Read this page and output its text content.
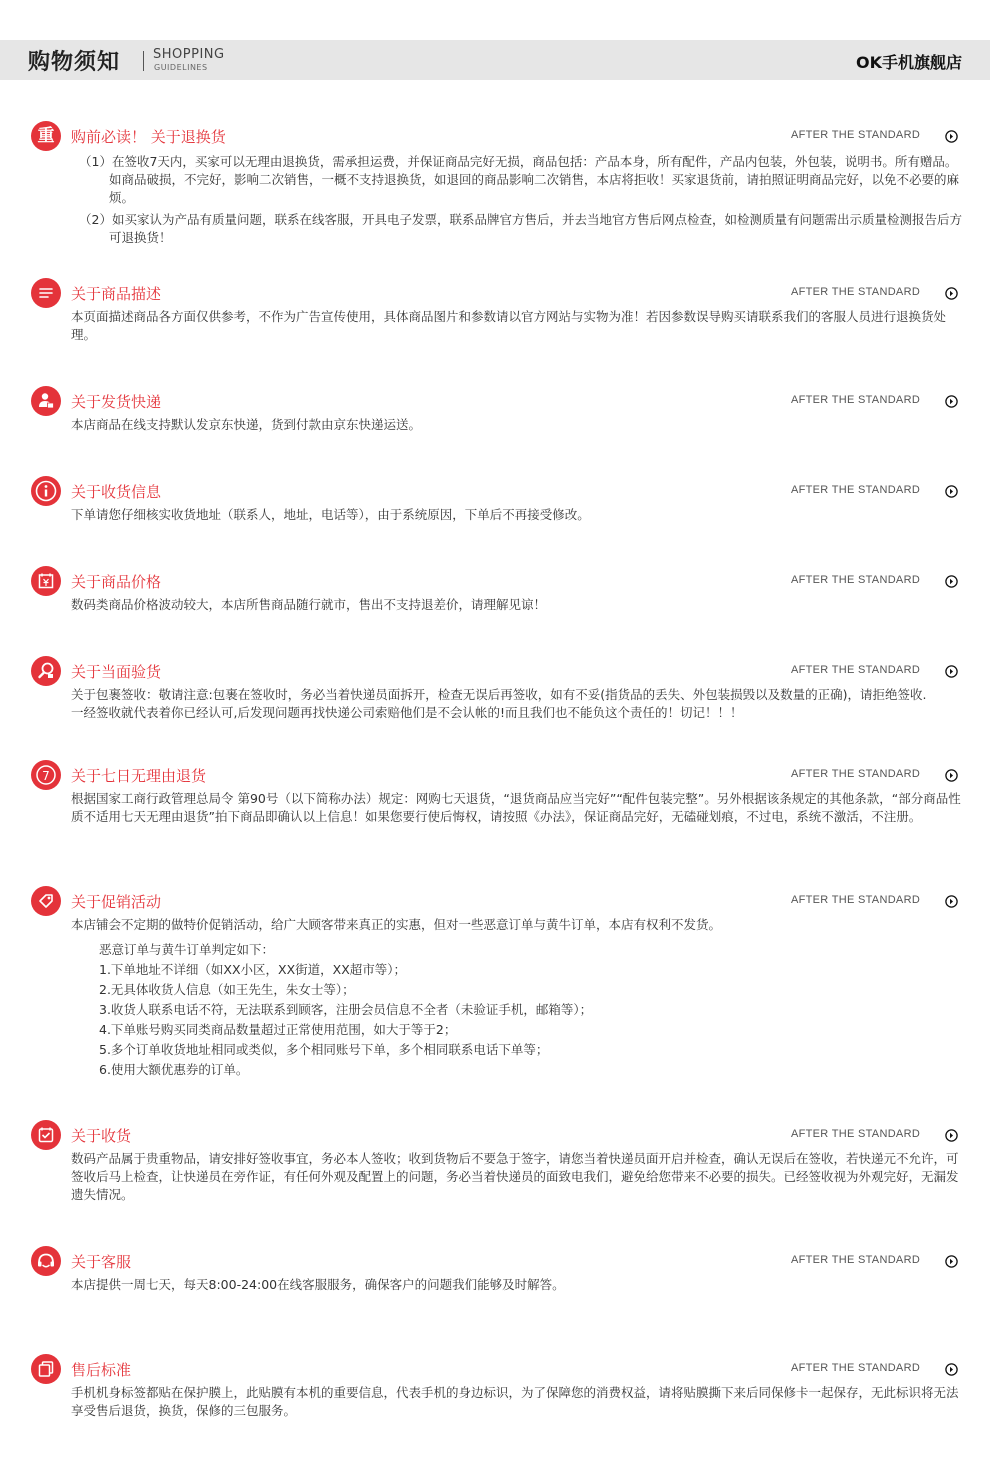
购物须知	SHOPPING
GUIDELINES	OK手机旗舰店
重	购前必读！ 关于退换货	AFTER THE STANDARD
（1）在签收7天内，买家可以无理由退换货，需承担运费，并保证商品完好无损，商品包括：产品本身，所有配件，产品内包装，外包装，说明书。所有赠品。如商品破损，不完好，影响二次销售，一概不支持退换货，如退回的商品影响二次销售，本店将拒收！买家退货前，请拍照证明商品完好，以免不必要的麻烦。
（2）如买家认为产品有质量问题，联系在线客服，开具电子发票，联系品牌官方售后，并去当地官方售后网点检查，如检测质量有问题需出示质量检测报告后方可退换货！
关于商品描述	AFTER THE STANDARD
本页面描述商品各方面仅供参考，不作为广告宣传使用，具体商品图片和参数请以官方网站与实物为准！若因参数误导购买请联系我们的客服人员进行退换货处理。
关于发货快递	AFTER THE STANDARD
本店商品在线支持默认发京东快递，货到付款由京东快递运送。
关于收货信息	AFTER THE STANDARD
下单请您仔细核实收货地址（联系人，地址，电话等），由于系统原因，下单后不再接受修改。
关于商品价格	AFTER THE STANDARD
数码类商品价格波动较大，本店所售商品随行就市，售出不支持退差价，请理解见谅！
关于当面验货	AFTER THE STANDARD
关于包裹签收：敬请注意:包裹在签收时，务必当着快递员面拆开，检查无误后再签收，如有不妥(指货品的丢失、外包装损毁以及数量的正确)，请拒绝签收.一经签收就代表着你已经认可,后发现问题再找快递公司索赔他们是不会认帐的!而且我们也不能负这个责任的！切记！！！
7	关于七日无理由退货	AFTER THE STANDARD
根据国家工商行政管理总局令 第90号（以下简称办法）规定：网购七天退货，“退货商品应当完好”“配件包装完整”。另外根据该条规定的其他条款，“部分商品性质不适用七天无理由退货”拍下商品即确认以上信息！如果您要行使后悔权，请按照《办法》，保证商品完好，无磕碰划痕，不过电，系统不激活，不注册。
关于促销活动	AFTER THE STANDARD
本店铺会不定期的做特价促销活动，给广大顾客带来真正的实惠，但对一些恶意订单与黄牛订单，本店有权利不发货。
恶意订单与黄牛订单判定如下：
1.下单地址不详细（如XX小区，XX街道，XX超市等）；
2.无具体收货人信息（如王先生，朱女士等）；
3.收货人联系电话不符，无法联系到顾客，注册会员信息不全者（未验证手机，邮箱等）；
4.下单账号购买同类商品数量超过正常使用范围，如大于等于2；
5.多个订单收货地址相同或类似，多个相同账号下单，多个相同联系电话下单等；
6.使用大额优惠券的订单。
关于收货	AFTER THE STANDARD
数码产品属于贵重物品，请安排好签收事宜，务必本人签收；收到货物后不要急于签字，请您当着快递员面开启并检查，确认无误后在签收，若快递元不允许，可签收后马上检查，让快递员在旁作证，有任何外观及配置上的问题，务必当着快递员的面致电我们，避免给您带来不必要的损失。已经签收视为外观完好，无漏发遗失情况。
关于客服	AFTER THE STANDARD
本店提供一周七天，每天8:00-24:00在线客服服务，确保客户的问题我们能够及时解答。
售后标准	AFTER THE STANDARD
手机机身标签都贴在保护膜上，此贴膜有本机的重要信息，代表手机的身边标识，为了保障您的消费权益，请将贴膜撕下来后同保修卡一起保存，无此标识将无法享受售后退货，换货，保修的三包服务。
